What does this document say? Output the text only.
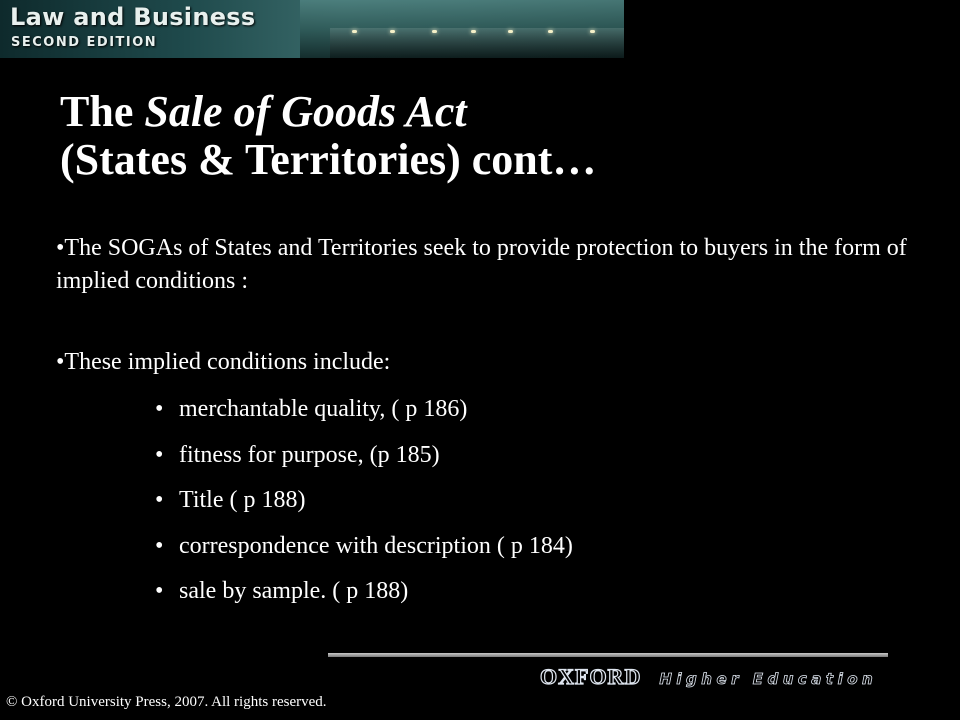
Law and Business
SECOND EDITION
The Sale of Goods Act
(States & Territories) cont…
•The SOGAs of States and Territories seek to provide protection to buyers in the form of implied conditions :
•These implied conditions include:
• merchantable quality, ( p 186)
• fitness for purpose, (p 185)
• Title ( p 188)
• correspondence with description ( p 184)
• sale by sample. ( p 188)
OXFORD Higher Education
© Oxford University Press, 2007. All rights reserved.
